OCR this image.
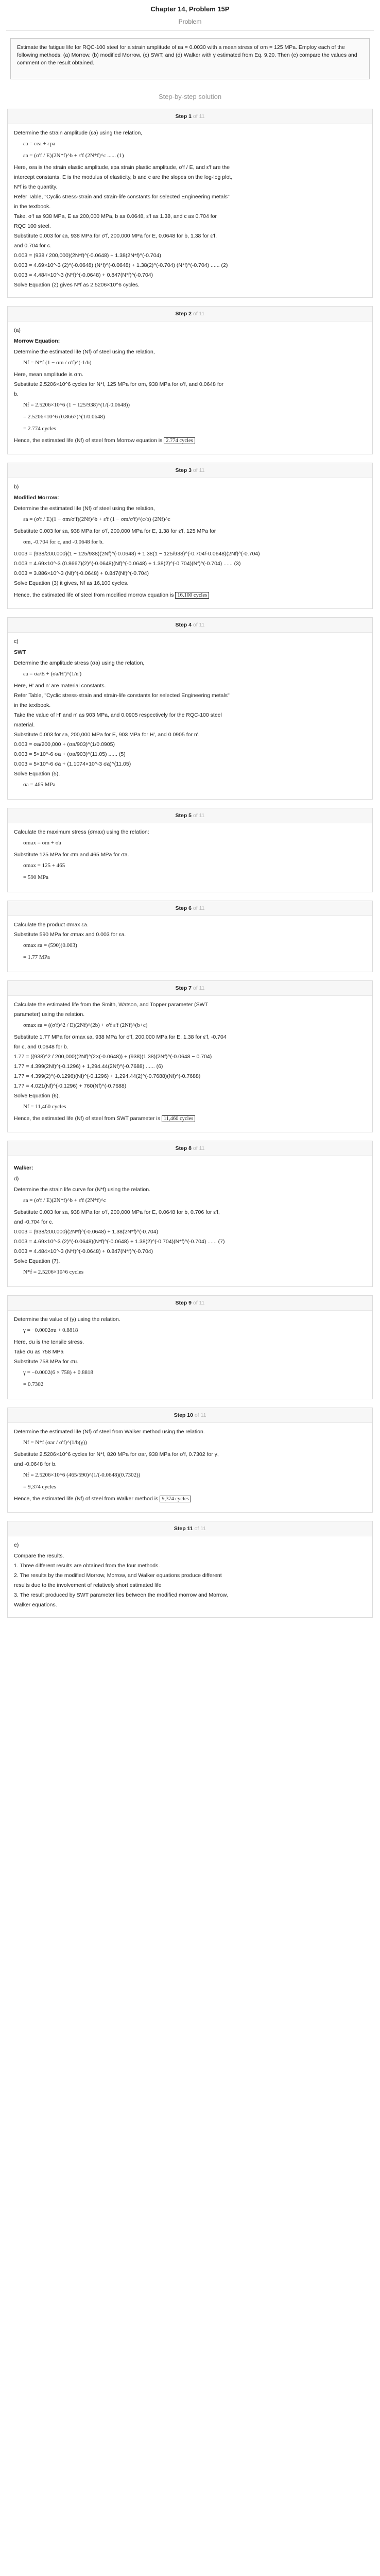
Chapter 14, Problem 15P
Problem
Estimate the fatigue life for RQC-100 steel for a strain amplitude of εa = 0.0030 with a mean stress of σm = 125 MPa. Employ each of the following methods: (a) Morrow, (b) modified Morrow, (c) SWT, and (d) Walker with γ estimated from Eq. 9.20. Then (e) compare the values and comment on the result obtained.
Step-by-step solution
Step 1 of 11
Determine the strain amplitude (εa) using the relation,
εa = εea + εpa
εa = (σ'f / E)(2N*f)^b + ε'f (2N*f)^c ...... (1)
Here, εea is the strain elastic amplitude, εpa strain plastic amplitude, σ'f / E, and ε'f are the
intercept constants, E is the modulus of elasticity, b and c are the slopes on the log-log plot,
N*f is the quantity.
Refer Table, "Cyclic stress-strain and strain-life constants for selected Engineering metals"
in the textbook.
Take, σ'f as 938 MPa, E as 200,000 MPa, b as 0.0648, ε'f as 1.38, and c as 0.704 for
RQC 100 steel.
Substitute 0.003 for εa, 938 MPa for σ'f, 200,000 MPa for E, 0.0648 for b, 1.38 for ε'f,
and 0.704 for c.
0.003 = (938 / 200,000)(2N*f)^(-0.0648) + 1.38(2N*f)^(-0.704)
0.003 = 4.69×10^-3 (2)^(-0.0648) (N*f)^(-0.0648) + 1.38(2)^(-0.704) (N*f)^(-0.704) ...... (2)
0.003 = 4.484×10^-3 (N*f)^(-0.0648) + 0.847(N*f)^(-0.704)
Solve Equation (2) gives N*f as 2.5206×10^6 cycles.
Step 2 of 11

(a)

Morrow Equation:
Determine the estimated life (Nf) of steel using the relation,
Nf = N*f (1 − σm / σ'f)^(-1/b)
Here, mean amplitude is σm.
Substitute 2.5206×10^6 cycles for N*f, 125 MPa for σm, 938 MPa for σ'f, and 0.0648 for
b.
Nf = 2.5206×10^6 (1 − 125/938)^(1/(-0.0648))
= 2.5206×10^6 (0.8667)^(1/0.0648)
= 2.774 cycles

Hence, the estimated life (Nf) of steel from Morrow equation is 2.774 cycles

Step 3 of 11

b)

Modified Morrow:
Determine the estimated life (Nf) of steel using the relation,
εa = (σ'f / E)(1 − σm/σ'f)(2Nf)^b + ε'f (1 − σm/σ'f)^(c/b) (2Nf)^c
Substitute 0.003 for εa, 938 MPa for σ'f, 200,000 MPa for E, 1.38 for ε'f, 125 MPa for
σm, -0.704 for c, and -0.0648 for b.
0.003 = (938/200,000)(1 − 125/938)(2Nf)^(-0.0648) + 1.38(1 − 125/938)^(-0.704/-0.0648)(2Nf)^(-0.704)
0.003 = 4.69×10^-3 (0.8667)(2)^(-0.0648)(Nf)^(-0.0648) + 1.38(2)^(-0.704)(Nf)^(-0.704) ...... (3)
0.003 = 3.886×10^-3 (Nf)^(-0.0648) + 0.847(Nf)^(-0.704)
Solve Equation (3) it gives, Nf as 16,100 cycles.

Hence, the estimated life of steel from modified morrow equation is 16,100 cycles

Step 4 of 11

c)

SWT
Determine the amplitude stress (σa) using the relation,
εa = σa/E + (σa/H')^(1/n')
Here, H' and n' are material constants.
Refer Table, "Cyclic stress-strain and strain-life constants for selected Engineering metals"
in the textbook.
Take the value of H' and n' as 903 MPa, and 0.0905 respectively for the RQC-100 steel
material.
Substitute 0.003 for εa, 200,000 MPa for E, 903 MPa for H', and 0.0905 for n'.
0.003 = σa/200,000 + (σa/903)^(1/0.0905)
0.003 = 5×10^-6 σa + (σa/903)^(11.05) ...... (5)
0.003 = 5×10^-6 σa + (1.1074×10^-3 σa)^(11.05)
Solve Equation (5).
σa = 465 MPa
Step 5 of 11
Calculate the maximum stress (σmax) using the relation:
σmax = σm + σa
Substitute 125 MPa for σm and 465 MPa for σa.
σmax = 125 + 465
= 590 MPa
Step 6 of 11
Calculate the product σmax εa.
Substitute 590 MPa for σmax and 0.003 for εa.
σmax εa = (590)(0.003)
= 1.77 MPa
Step 7 of 11
Calculate the estimated life from the Smith, Watson, and Topper parameter (SWT
parameter) using the relation.
σmax εa = ((σ'f)^2 / E)(2Nf)^(2b) + σ'f ε'f (2Nf)^(b+c)
Substitute 1.77 MPa for σmax εa, 938 MPa for σ'f, 200,000 MPa for E, 1.38 for ε'f, -0.704
for c, and 0.0648 for b.
1.77 = ((938)^2 / 200,000)(2Nf)^(2×(-0.0648)) + (938)(1.38)(2Nf)^(-0.0648 − 0.704)
1.77 = 4.399(2Nf)^(-0.1296) + 1,294.44(2Nf)^(-0.7688) ...... (6)
1.77 = 4.399(2)^(-0.1296)(Nf)^(-0.1296) + 1,294.44(2)^(-0.7688)(Nf)^(-0.7688)
1.77 = 4.021(Nf)^(-0.1296) + 760(Nf)^(-0.7688)
Solve Equation (6).
Nf = 11,460 cycles

Hence, the estimated life (Nf) of steel from SWT parameter is 11,460 cycles

Step 8 of 11
Walker:

d)

Determine the strain life curve for (N*f) using the relation.
εa = (σ'f / E)(2N*f)^b + ε'f (2N*f)^c
Substitute 0.003 for εa, 938 MPa for σ'f, 200,000 MPa for E, 0.0648 for b, 0.706 for ε'f,
and -0.704 for c.
0.003 = (938/200,000)(2N*f)^(-0.0648) + 1.38(2N*f)^(-0.704)
0.003 = 4.69×10^-3 (2)^(-0.0648)(N*f)^(-0.0648) + 1.38(2)^(-0.704)(N*f)^(-0.704) ...... (7)
0.003 = 4.484×10^-3 (N*f)^(-0.0648) + 0.847(N*f)^(-0.704)
Solve Equation (7).
N*f = 2.5206×10^6 cycles
Step 9 of 11
Determine the value of (γ) using the relation.
γ = −0.0002σu + 0.8818
Here, σu is the tensile stress.
Take σu as 758 MPa
Substitute 758 MPa for σu.
γ = −0.0002(6 × 758) + 0.8818
= 0.7302
Step 10 of 11
Determine the estimated life (Nf) of steel from Walker method using the relation.
Nf = N*f (σar / σ'f)^(1/b(γ))
Substitute 2.5206×10^6 cycles for N*f, 820 MPa for σar, 938 MPa for σ'f, 0.7302 for γ,
and -0.0648 for b.
Nf = 2.5206×10^6 (465/590)^(1/(-0.0648)(0.7302))
= 9,374 cycles

Hence, the estimated life (Nf) of steel from Walker method is 9,374 cycles

Step 11 of 11

e)

Compare the results.
1. Three different results are obtained from the four methods.
2. The results by the modified Morrow, Morrow, and Walker equations produce different
results due to the involvement of relatively short estimated life
3. The result produced by SWT parameter lies between the modified morrow and Morrow,
Walker equations.
